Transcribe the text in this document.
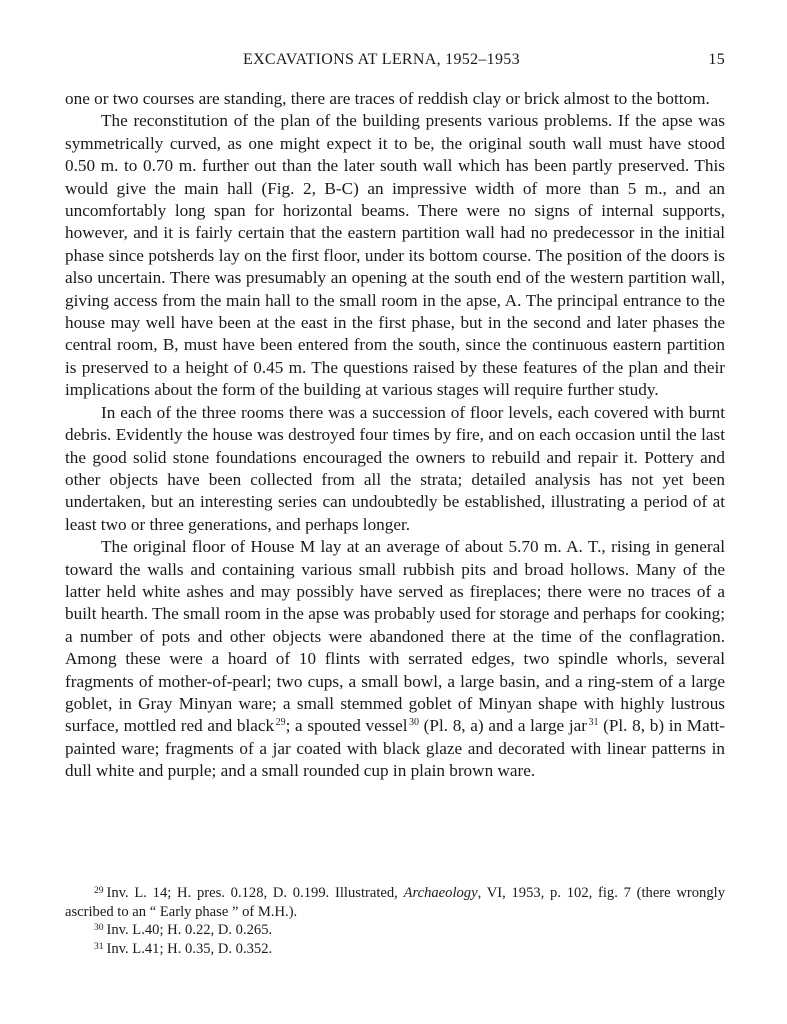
EXCAVATIONS AT LERNA, 1952–1953	15

one or two courses are standing, there are traces of reddish clay or brick almost to the bottom.

The reconstitution of the plan of the building presents various problems. If the apse was symmetrically curved, as one might expect it to be, the original south wall must have stood 0.50 m. to 0.70 m. further out than the later south wall which has been partly preserved. This would give the main hall (Fig. 2, B-C) an impressive width of more than 5 m., and an uncomfortably long span for horizontal beams. There were no signs of internal supports, however, and it is fairly certain that the eastern partition wall had no predecessor in the initial phase since potsherds lay on the first floor, under its bottom course. The position of the doors is also uncertain. There was presumably an opening at the south end of the western partition wall, giving access from the main hall to the small room in the apse, A. The principal entrance to the house may well have been at the east in the first phase, but in the second and later phases the central room, B, must have been entered from the south, since the continuous eastern partition is preserved to a height of 0.45 m. The questions raised by these features of the plan and their implications about the form of the building at various stages will require further study.

In each of the three rooms there was a succession of floor levels, each covered with burnt debris. Evidently the house was destroyed four times by fire, and on each occasion until the last the good solid stone foundations encouraged the owners to rebuild and repair it. Pottery and other objects have been collected from all the strata; detailed analysis has not yet been undertaken, but an interesting series can undoubtedly be established, illustrating a period of at least two or three generations, and perhaps longer.

The original floor of House M lay at an average of about 5.70 m. A. T., rising in general toward the walls and containing various small rubbish pits and broad hollows. Many of the latter held white ashes and may possibly have served as fireplaces; there were no traces of a built hearth. The small room in the apse was probably used for storage and perhaps for cooking; a number of pots and other objects were abandoned there at the time of the conflagration. Among these were a hoard of 10 flints with serrated edges, two spindle whorls, several fragments of mother-of-pearl; two cups, a small bowl, a large basin, and a ring-stem of a large goblet, in Gray Minyan ware; a small stemmed goblet of Minyan shape with highly lustrous surface, mottled red and black $^{29}$; a spouted vessel $^{30}$ (Pl. 8, a) and a large jar $^{31}$ (Pl. 8, b) in Matt-painted ware; fragments of a jar coated with black glaze and decorated with linear patterns in dull white and purple; and a small rounded cup in plain brown ware.

$^{29}$ Inv. L. 14; H. pres. 0.128, D. 0.199. Illustrated, Archaeology, VI, 1953, p. 102, fig. 7 (there wrongly ascribed to an “ Early phase ” of M.H.).

$^{30}$ Inv. L.40; H. 0.22, D. 0.265.

$^{31}$ Inv. L.41; H. 0.35, D. 0.352.
